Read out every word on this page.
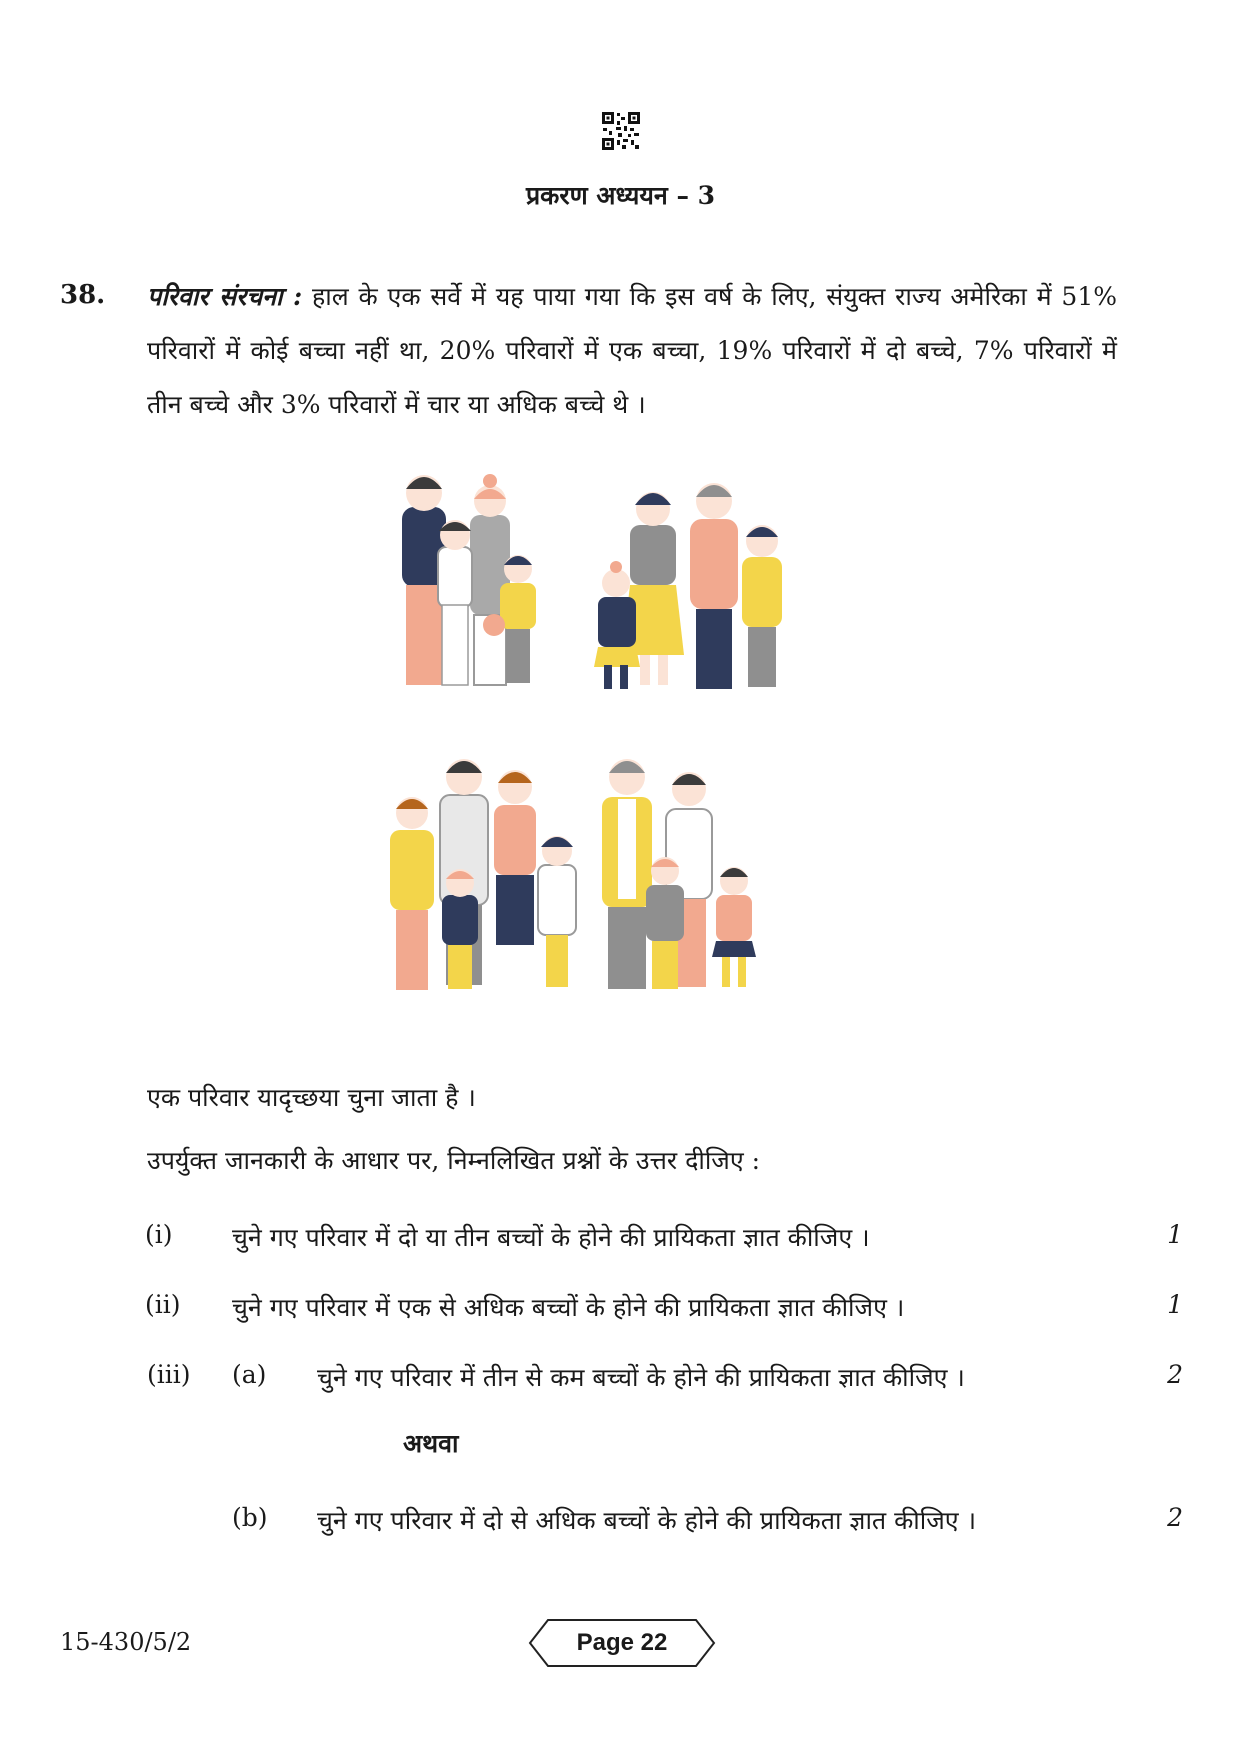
प्रकरण अध्ययन – 3
38. परिवार संरचना : हाल के एक सर्वे में यह पाया गया कि इस वर्ष के लिए, संयुक्त राज्य अमेरिका में 51% परिवारों में कोई बच्चा नहीं था, 20% परिवारों में एक बच्चा, 19% परिवारों में दो बच्चे, 7% परिवारों में तीन बच्चे और 3% परिवारों में चार या अधिक बच्चे थे ।
एक परिवार यादृच्छया चुना जाता है ।
उपर्युक्त जानकारी के आधार पर, निम्नलिखित प्रश्नों के उत्तर दीजिए :
(i) चुने गए परिवार में दो या तीन बच्चों के होने की प्रायिकता ज्ञात कीजिए ।	1
(ii) चुने गए परिवार में एक से अधिक बच्चों के होने की प्रायिकता ज्ञात कीजिए ।	1
(iii) (a) चुने गए परिवार में तीन से कम बच्चों के होने की प्रायिकता ज्ञात कीजिए ।	2
अथवा
(b) चुने गए परिवार में दो से अधिक बच्चों के होने की प्रायिकता ज्ञात कीजिए ।	2
15-430/5/2	Page 22
